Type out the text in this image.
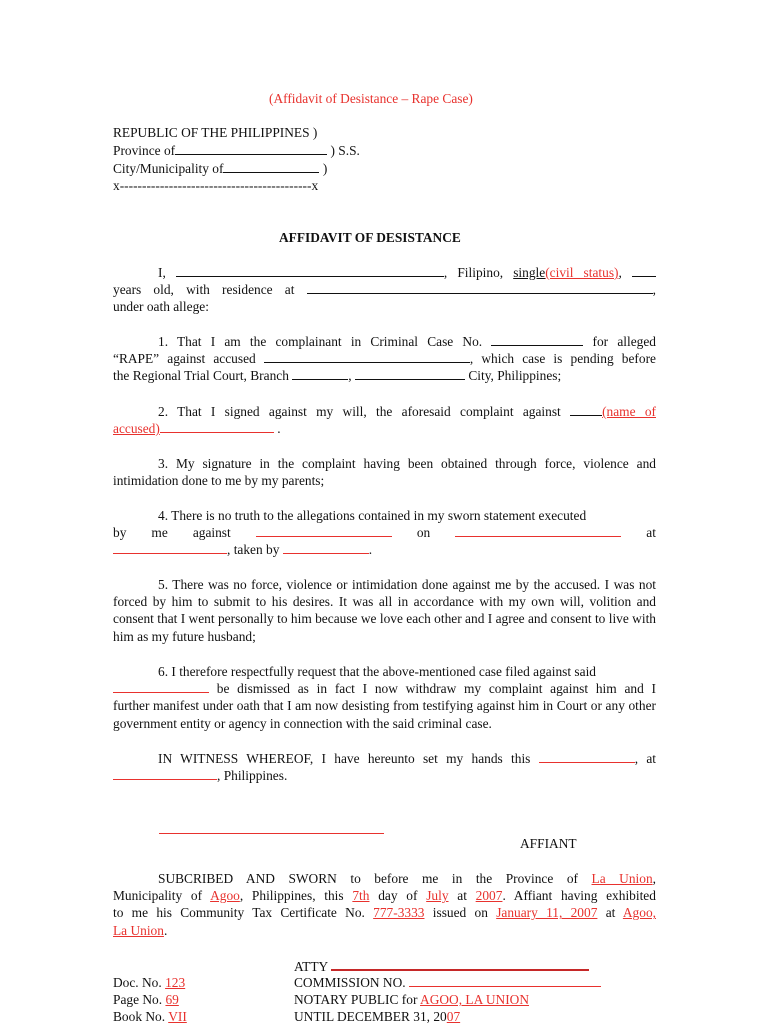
(Affidavit of Desistance – Rape Case)
REPUBLIC OF THE PHILIPPINES )
Province of	) S.S.
City/Municipality of	)
x-------------------------------------------x
AFFIDAVIT OF DESISTANCE

I,	, Filipino, single(civil status),

years old, with residence at	,

under oath allege:

1. That I am the complainant in Criminal Case No.	for alleged

“RAPE” against accused	, which case is pending before

the Regional Trial Court, Branch	,	City, Philippines;

2. That I signed against my will, the aforesaid complaint against	(name of

accused)	.

3. My signature in the complaint having been obtained through force, violence and intimidation done to me by my parents;

4. There is no truth to the allegations contained in my sworn statement executed

by me against	on	at

, taken by	.

5. There was no force, violence or intimidation done against me by the accused. I was not forced by him to submit to his desires. It was all in accordance with my own will, volition and consent that I went personally to him because we love each other and I agree and consent to live with him as my future husband;

6. I therefore respectfully request that the above-mentioned case filed against said

be dismissed as in fact I now withdraw my complaint against him and I

further manifest under oath that I am now desisting from testifying against him in Court or any other government entity or agency in connection with the said criminal case.

IN WITNESS WHEREOF, I have hereunto set my hands this	, at

, Philippines.

AFFIANT

SUBCRIBED AND SWORN to before me in the Province of La Union,

Municipality of Agoo, Philippines, this 7th day of July at 2007. Affiant having exhibited

to me his Community Tax Certificate No. 777-3333 issued on January 11, 2007 at Agoo,

La Union.

ATTY
COMMISSION NO.
NOTARY PUBLIC for AGOO, LA UNION
UNTIL DECEMBER 31, 2007
Doc. No. 123
Page No. 69
Book No. VII
